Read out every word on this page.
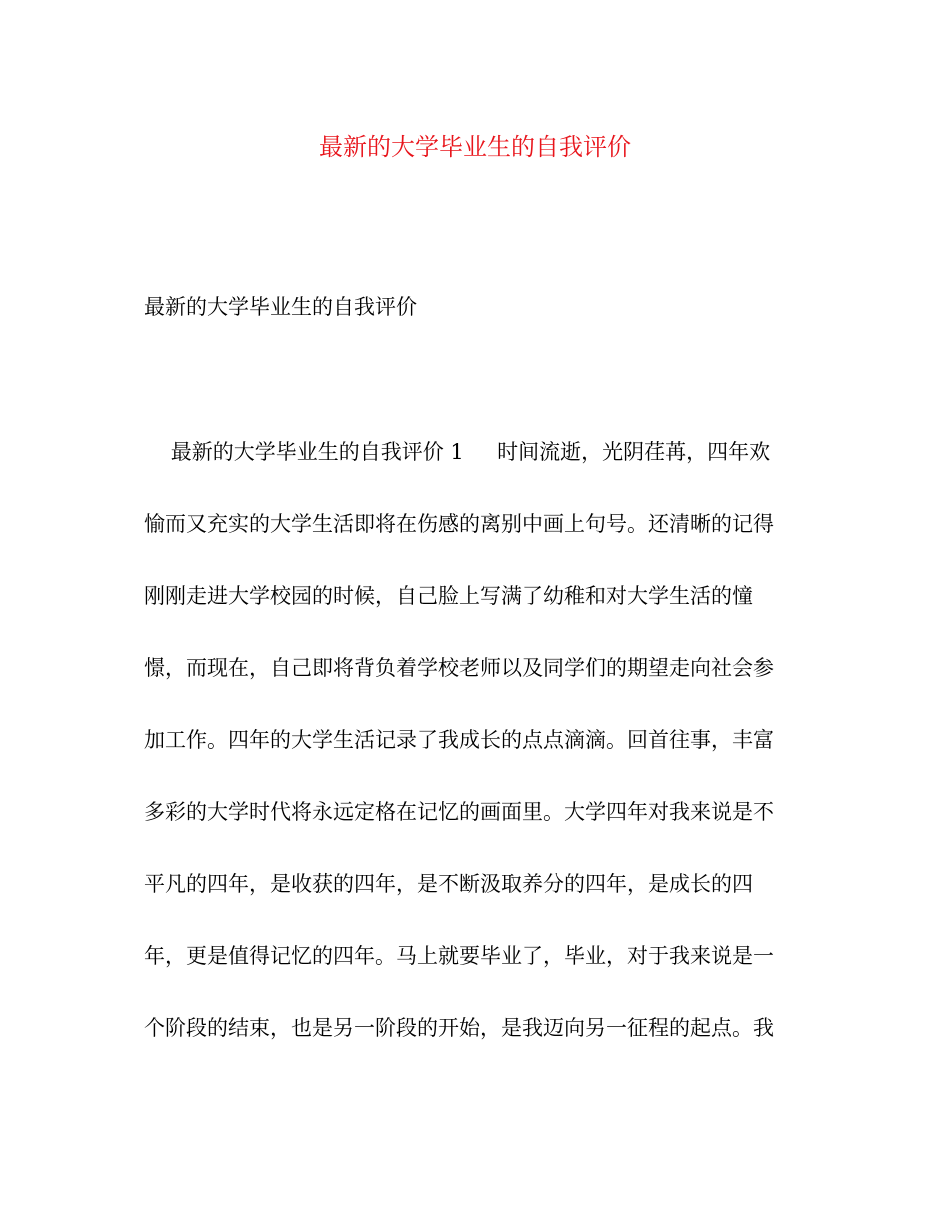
最新的大学毕业生的自我评价

最新的大学毕业生的自我评价

最新的大学毕业生的自我评价 1     时间流逝，光阴荏苒，四年欢

愉而又充实的大学生活即将在伤感的离别中画上句号。还清晰的记得

刚刚走进大学校园的时候，自己脸上写满了幼稚和对大学生活的憧

憬，而现在，自己即将背负着学校老师以及同学们的期望走向社会参

加工作。四年的大学生活记录了我成长的点点滴滴。回首往事，丰富

多彩的大学时代将永远定格在记忆的画面里。大学四年对我来说是不

平凡的四年，是收获的四年，是不断汲取养分的四年，是成长的四

年，更是值得记忆的四年。马上就要毕业了，毕业，对于我来说是一

个阶段的结束，也是另一阶段的开始，是我迈向另一征程的起点。我
